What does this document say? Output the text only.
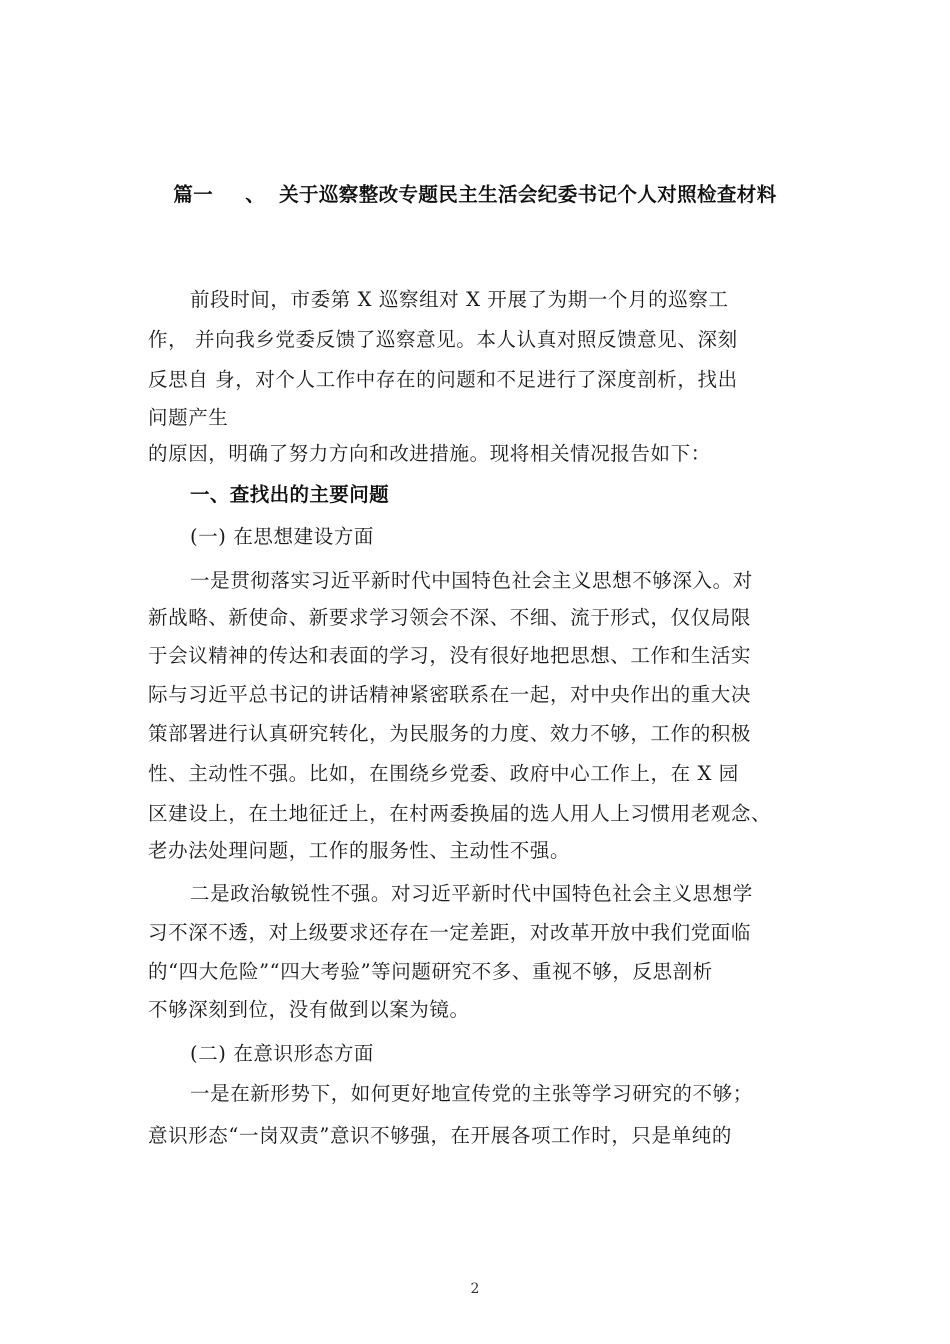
篇一 、 关于巡察整改专题民主生活会纪委书记个人对照检查材料
前段时间，市委第 X 巡察组对 X 开展了为期一个月的巡察工
作， 并向我乡党委反馈了巡察意见。本人认真对照反馈意见、深刻
反思自 身，对个人工作中存在的问题和不足进行了深度剖析，找出
问题产生
的原因，明确了努力方向和改进措施。现将相关情况报告如下：
一、查找出的主要问题
(一) 在思想建设方面
一是贯彻落实习近平新时代中国特色社会主义思想不够深入。对
新战略、新使命、新要求学习领会不深、不细、流于形式，仅仅局限
于会议精神的传达和表面的学习，没有很好地把思想、工作和生活实
际与习近平总书记的讲话精神紧密联系在一起，对中央作出的重大决
策部署进行认真研究转化，为民服务的力度、效力不够，工作的积极
性、主动性不强。比如，在围绕乡党委、政府中心工作上，在 X 园
区建设上，在土地征迁上，在村两委换届的选人用人上习惯用老观念、
老办法处理问题，工作的服务性、主动性不强。
二是政治敏锐性不强。对习近平新时代中国特色社会主义思想学
习不深不透，对上级要求还存在一定差距，对改革开放中我们党面临
的“四大危险”“四大考验”等问题研究不多、重视不够，反思剖析
不够深刻到位，没有做到以案为镜。
(二) 在意识形态方面
一是在新形势下，如何更好地宣传党的主张等学习研究的不够；
意识形态“一岗双责”意识不够强，在开展各项工作时，只是单纯的
2
